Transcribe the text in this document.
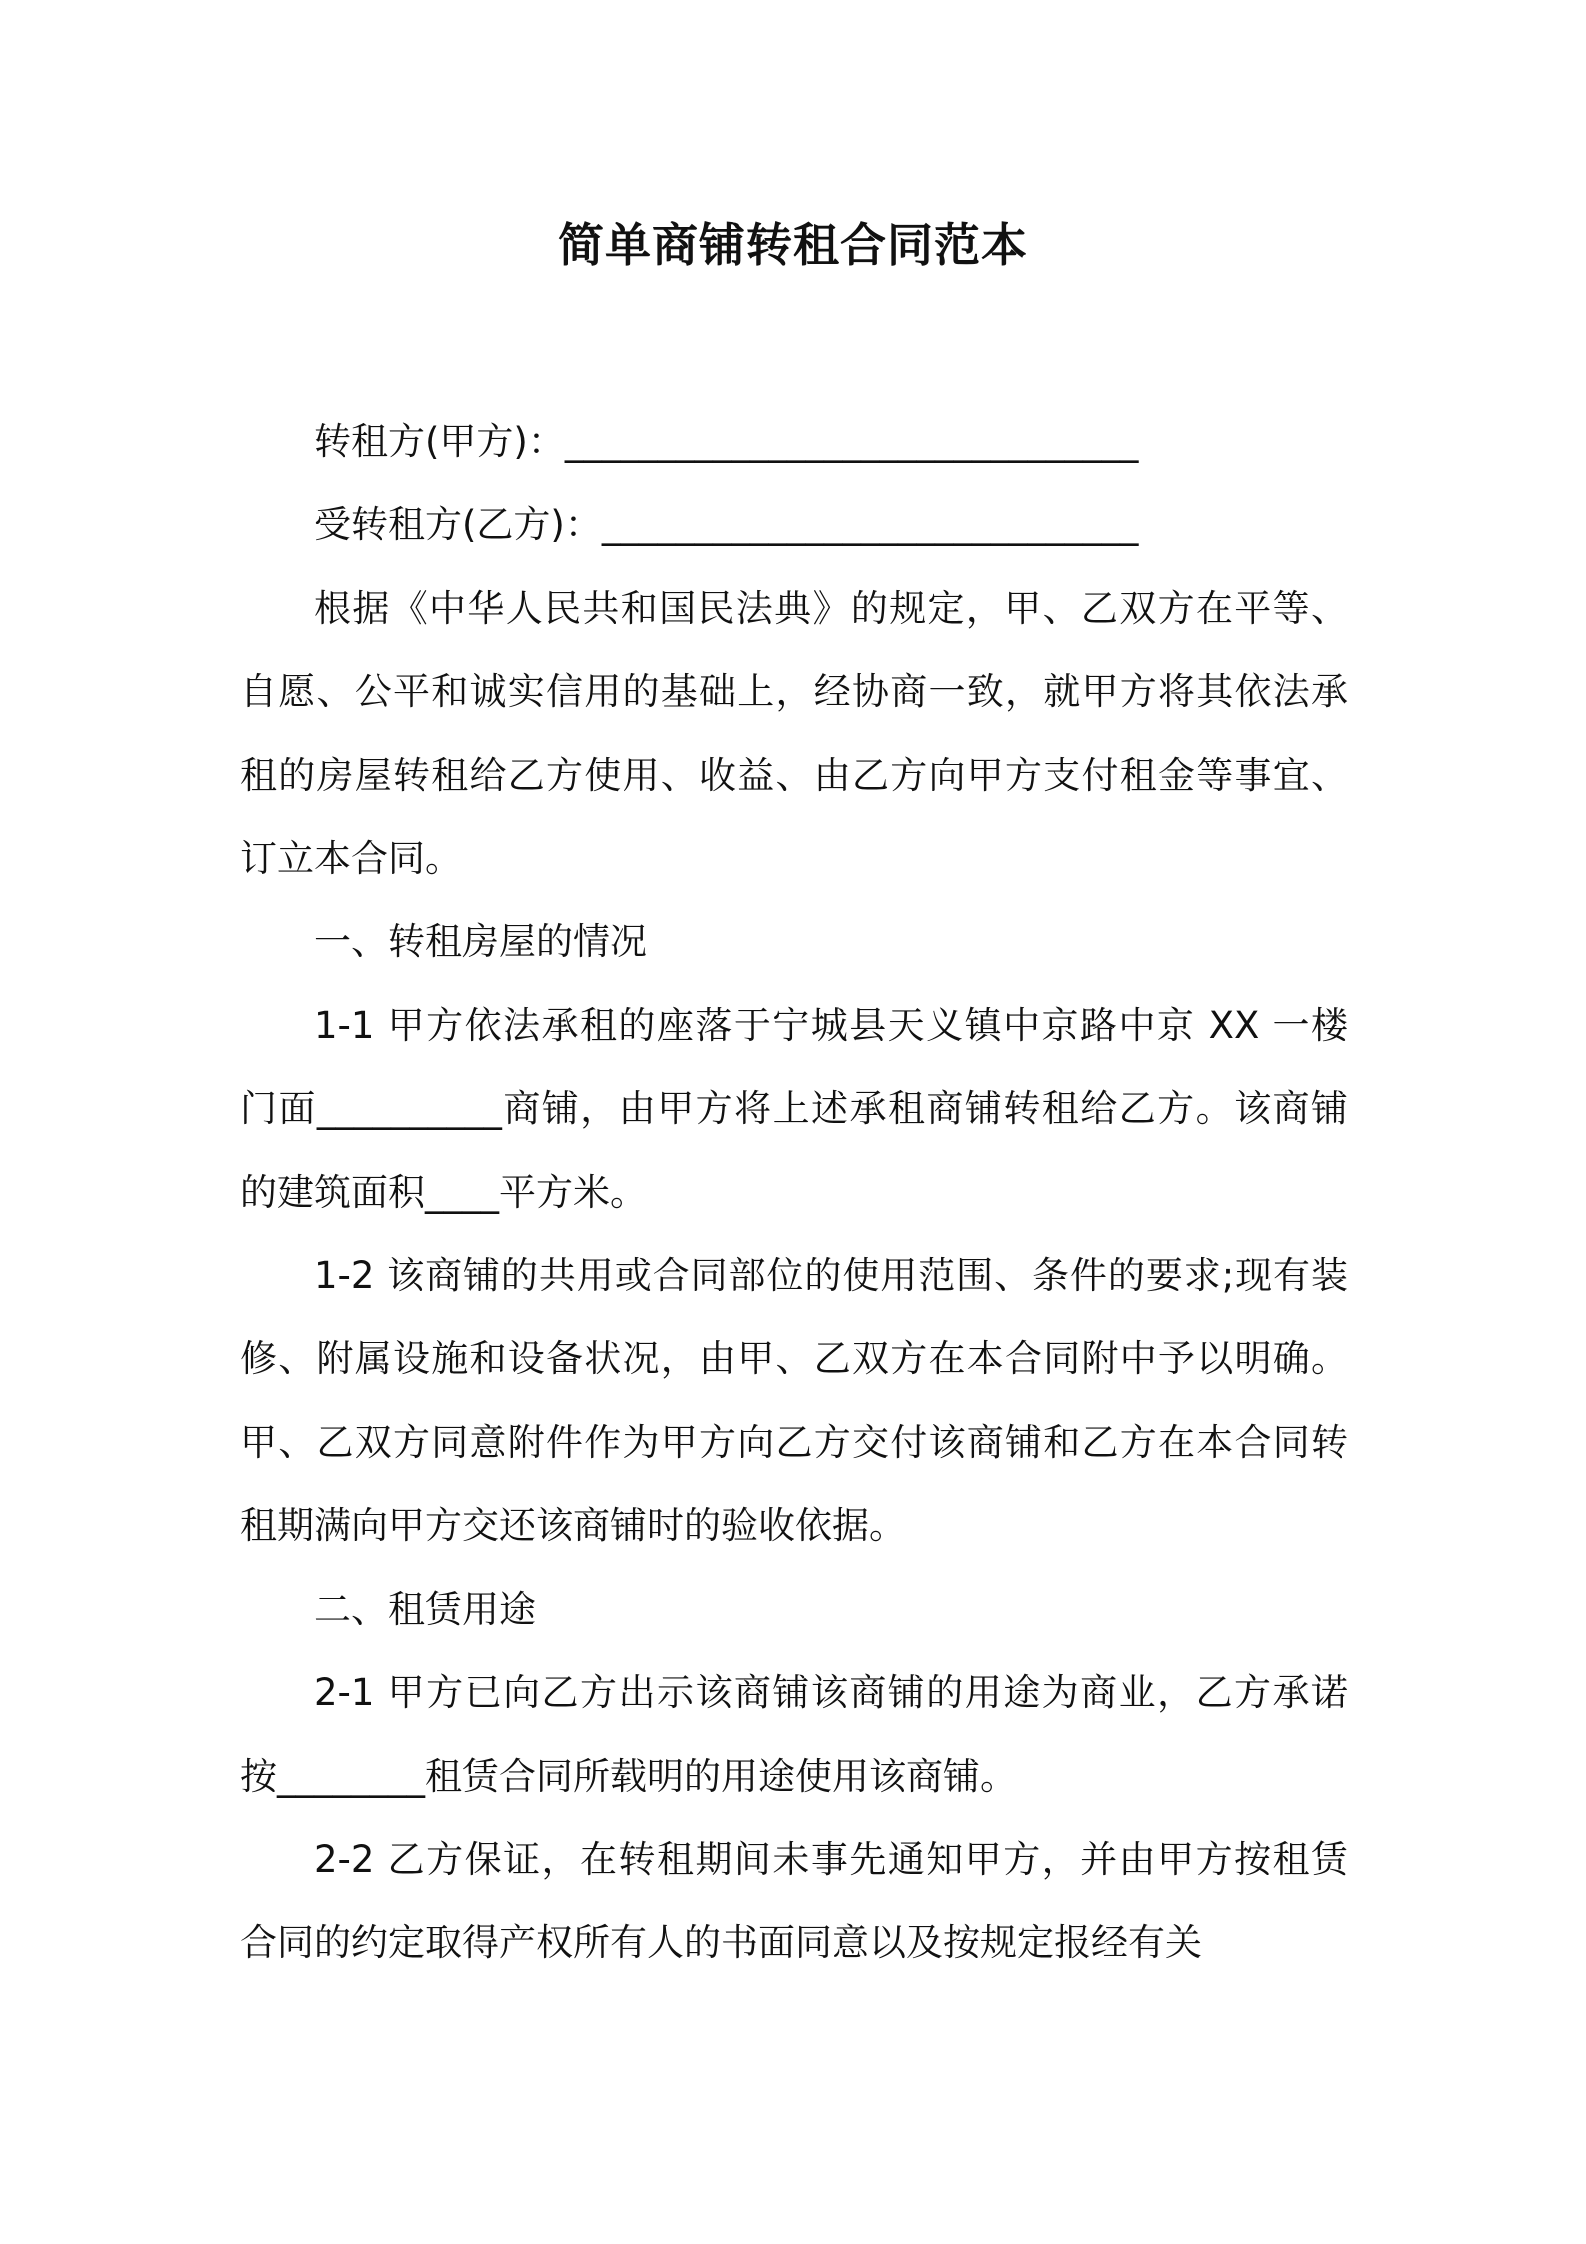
简单商铺转租合同范本

转租方(甲方)：_______________________________

受转租方(乙方)：_____________________________

根据《中华人民共和国民法典》的规定，甲、乙双方在平等、自愿、公平和诚实信用的基础上，经协商一致，就甲方将其依法承租的房屋转租给乙方使用、收益、由乙方向甲方支付租金等事宜、订立本合同。

一、转租房屋的情况

1-1 甲方依法承租的座落于宁城县天义镇中京路中京 XX 一楼门面__________商铺，由甲方将上述承租商铺转租给乙方。该商铺的建筑面积____平方米。

1-2 该商铺的共用或合同部位的使用范围、条件的要求;现有装修、附属设施和设备状况，由甲、乙双方在本合同附中予以明确。甲、乙双方同意附件作为甲方向乙方交付该商铺和乙方在本合同转租期满向甲方交还该商铺时的验收依据。

二、租赁用途

2-1 甲方已向乙方出示该商铺该商铺的用途为商业，乙方承诺按________租赁合同所载明的用途使用该商铺。

2-2 乙方保证，在转租期间未事先通知甲方，并由甲方按租赁合同的约定取得产权所有人的书面同意以及按规定报经有关
